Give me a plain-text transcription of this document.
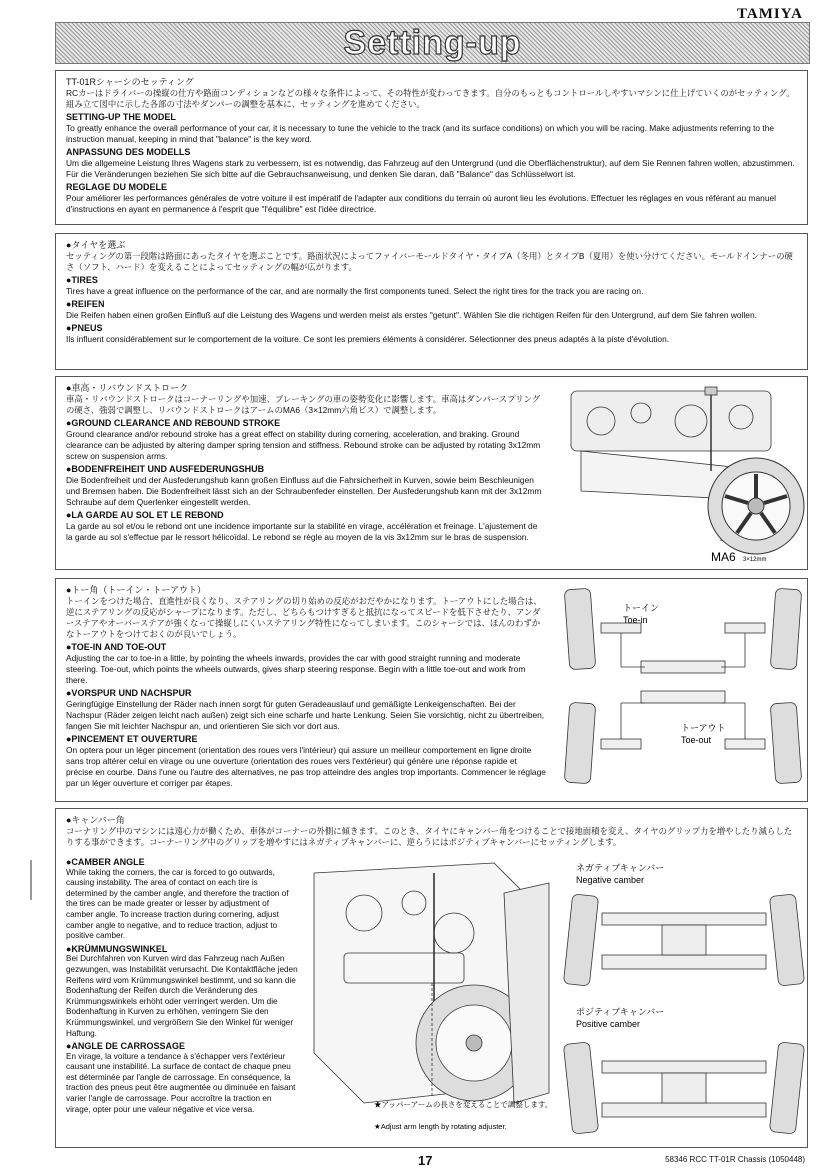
TAMIYA
Setting-up
TT-01Rシャーシのセッティング

RCカーはドライバーの操縦の仕方や路面コンディションなどの様々な条件によって、その特性が変わってきます。自分のもっともコントロールしやすいマシンに仕上げていくのがセッティング。組み立て図中に示した各部の寸法やダンパーの調整を基本に、セッティングを進めてください。

SETTING-UP THE MODEL

To greatly enhance the overall performance of your car, it is necessary to tune the vehicle to the track (and its surface conditions) on which you will be racing. Make adjustments referring to the instruction manual, keeping in mind that "balance" is the key word.

ANPASSUNG DES MODELLS

Um die allgemeine Leistung Ihres Wagens stark zu verbessern, ist es notwendig, das Fahrzeug auf den Untergrund (und die Oberflächenstruktur), auf dem Sie Rennen fahren wollen, abzustimmen. Für die Veränderungen beziehen Sie sich bitte auf die Gebrauchsanweisung, und denken Sie daran, daß "Balance" das Schlüsselwort ist.

REGLAGE DU MODELE

Pour améliorer les performances générales de votre voiture il est impératif de l'adapter aux conditions du terrain où auront lieu les évolutions. Effectuer les réglages en vous référant au manuel d'instructions en ayant en permanence à l'esprit que "l'équilibre" est l'idée directrice.

●タイヤを選ぶ

セッティングの第一段階は路面にあったタイヤを選ぶことです。路面状況によってファイバーモールドタイヤ・タイプA（冬用）とタイプB（夏用）を使い分けてください。モールドインナーの硬さ（ソフト、ハード）を変えることによってセッティングの幅が広がります。

●TIRES

Tires have a great influence on the performance of the car, and are normally the first components tuned. Select the right tires for the track you are racing on.

●REIFEN

Die Reifen haben einen großen Einfluß auf die Leistung des Wagens und werden meist als erstes "getunt". Wählen Sie die richtigen Reifen für den Untergrund, auf dem Sie fahren wollen.

●PNEUS

Ils influent considérablement sur le comportement de la voiture. Ce sont les premiers éléments à considérer. Sélectionner des pneus adaptés à la piste d'évolution.

●車高・リバウンドストローク

車高・リバウンドストロークはコーナーリングや加速、ブレーキングの車の姿勢変化に影響します。車高はダンパースプリングの硬さ、強弱で調整し、リバウンドストロークはアームのMA6（3×12mm六角ビス）で調整します。

●GROUND CLEARANCE AND REBOUND STROKE

Ground clearance and/or rebound stroke has a great effect on stability during cornering, acceleration, and braking. Ground clearance can be adjusted by altering damper spring tension and stiffness. Rebound stroke can be adjusted by rotating 3x12mm screw on suspension arms.

●BODENFREIHEIT UND AUSFEDERUNGSHUB

Die Bodenfreiheit und der Ausfederungshub kann großen Einfluss auf die Fahrsicherheit in Kurven, sowie beim Beschleunigen und Bremsen haben. Die Bodenfreiheit lässt sich an der Schraubenfeder einstellen. Der Ausfederungshub kann mit der 3x12mm Schraube auf dem Querlenker eingestellt werden.

●LA GARDE AU SOL ET LE REBOND

La garde au sol et/ou le rebond ont une incidence importante sur la stabilité en virage, accélération et freinage. L'ajustement de la garde au sol s'effectue par le ressort hélicoïdal. Le rebond se règle au moyen de la vis 3x12mm sur le bras de suspension.

MA6 3×12mm
●トー角（トーイン・トーアウト）

トーインをつけた場合、直進性が良くなり、ステアリングの切り始めの反応がおだやかになります。トーアウトにした場合は、逆にステアリングの反応がシャープになります。ただし、どちらもつけすぎると抵抗になってスピードを低下させたり、アンダーステアやオーバーステアが強くなって操縦しにくいステアリング特性になってしまいます。このシャーシでは、ほんのわずかなトーアウトをつけておくのが良いでしょう。

●TOE-IN AND TOE-OUT

Adjusting the car to toe-in a little, by pointing the wheels inwards, provides the car with good straight running and moderate steering. Toe-out, which points the wheels outwards, gives sharp steering response. Begin with a little toe-out and work from there.

●VORSPUR UND NACHSPUR

Geringfügige Einstellung der Räder nach innen sorgt für guten Geradeauslauf und gemäßigte Lenkeigenschaften. Bei der Nachspur (Räder zeigen leicht nach außen) zeigt sich eine scharfe und harte Lenkung. Seien Sie vorsichtig, nicht zu übertreiben, fangen Sie mit leichter Nachspur an, und orientieren Sie sich vor dort aus.

●PINCEMENT ET OUVERTURE

On optera pour un léger pincement (orientation des roues vers l'intérieur) qui assure un meilleur comportement en ligne droite sans trop altérer celui en virage ou une ouverture (orientation des roues vers l'extérieur) qui génère une réponse rapide et précise en courbe. Dans l'une ou l'autre des alternatives, ne pas trop atteindre des angles trop importants. Commencer le réglage par un léger ouverture et corriger par étapes.

トーイン
Toe-in
トーアウト
Toe-out
●キャンバー角

コーナリング中のマシンには遠心力が働くため、車体がコーナーの外側に傾きます。このとき、タイヤにキャンバー角をつけることで接地面積を変え、タイヤのグリップ力を増やしたり減らしたりする事ができます。コーナーリング中のグリップを増やすにはネガティブキャンバーに、逆らうにはポジティブキャンバーにセッティングします。

●CAMBER ANGLE

While taking the corners, the car is forced to go outwards, causing instability. The area of contact on each tire is determined by the camber angle, and therefore the traction of the tires can be made greater or lesser by adjustment of camber angle. To increase traction during cornering, adjust camber angle to negative, and to reduce traction, adjust to positive camber.

●KRÜMMUNGSWINKEL

Bei Durchfahren von Kurven wird das Fahrzeug nach Außen gezwungen, was Instabilität verursacht. Die Kontaktfläche jeden Reifens wird vom Krümmungswinkel bestimmt, und so kann die Bodenhaftung der Reifen durch die Veränderung des Krümmungswinkels erhöht oder verringert werden. Um die Bodenhaftung in Kurven zu erhöhen, verringern Sie den Krümmungswinkel, und vergrößern Sie den Winkel für weniger Haftung.

●ANGLE DE CARROSSAGE

En virage, la voiture a tendance à s'échapper vers l'extérieur causant une instabilité. La surface de contact de chaque pneu est déterminée par l'angle de carrossage. En conséquence, la traction des pneus peut être augmentée ou diminuée en faisant varier l'angle de carrossage. Pour accroître la traction en virage, opter pour une valeur négative et vice versa.

★アッパーアームの長さを変えることで調整します。
★Adjust arm length by rotating adjuster.
ネガティブキャンバー
Negative camber
ポジティブキャンバー
Positive camber
17	58346 RCC TT-01R Chassis (1050448)
